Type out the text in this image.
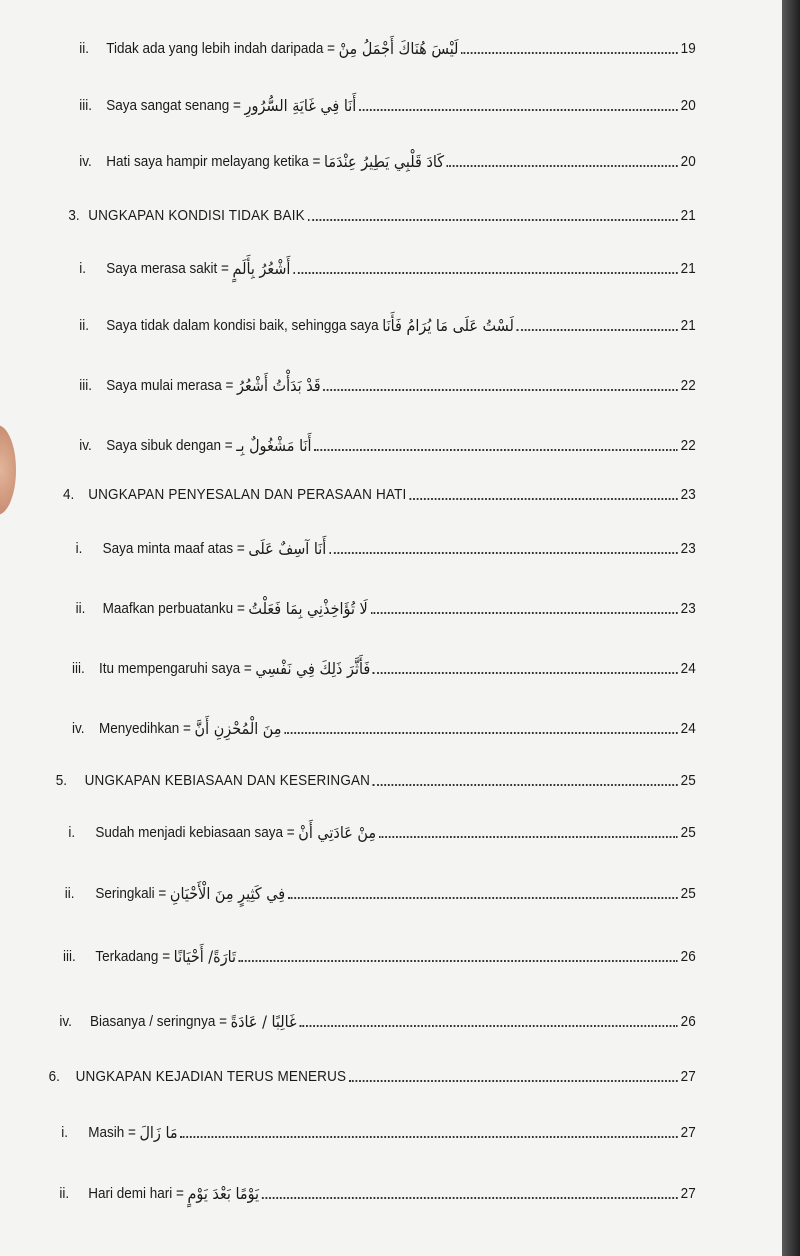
ii.	Tidak ada yang lebih indah daripada = لَيْسَ هُنَاكَ أَجْمَلُ مِنْ	19
iii. Saya sangat senang = أَنَا فِي غَايَةِ السُّرُورِ	20
iv. Hati saya hampir melayang ketika = كَادَ قَلْبِي يَطِيرُ عِنْدَمَا	20
3. UNGKAPAN KONDISI TIDAK BAIK	21
i.	Saya merasa sakit = أَشْعُرُ بِأَلَمٍ	21
ii.	Saya tidak dalam kondisi baik, sehingga saya لَسْتُ عَلَى مَا يُرَامُ فَأَنَا	21
iii. Saya mulai merasa = قَدْ بَدَأْتُ أَشْعُرُ	22
iv. Saya sibuk dengan = أَنَا مَشْغُولٌ بِـ	22
4. UNGKAPAN PENYESALAN DAN PERASAAN HATI	23
i.	Saya minta maaf atas = أَنَا آسِفٌ عَلَى	23
ii.	Maafkan perbuatanku = لَا تُؤَاخِذْنِي بِمَا فَعَلْتُ	23
iii. Itu mempengaruhi saya = فَأَثَّرَ ذَلِكَ فِي نَفْسِي	24
iv. Menyedihkan = مِنَ الْمُحْزِنِ أَنَّ	24
5.	UNGKAPAN KEBIASAAN DAN KESERINGAN	25
i.	Sudah menjadi kebiasaan saya = مِنْ عَادَتِي أَنْ	25
ii.	Seringkali = فِي كَثِيرٍ مِنَ الْأَحْيَانِ	25
iii.	Terkadang = تَارَةً/ أَحْيَانًا	26
iv.	Biasanya / seringnya = غَالِبًا / عَادَةً	26
6.	UNGKAPAN KEJADIAN TERUS MENERUS	27
i.	Masih = مَا زَالَ	27
ii.	Hari demi hari = يَوْمًا بَعْدَ يَوْمٍ	27
